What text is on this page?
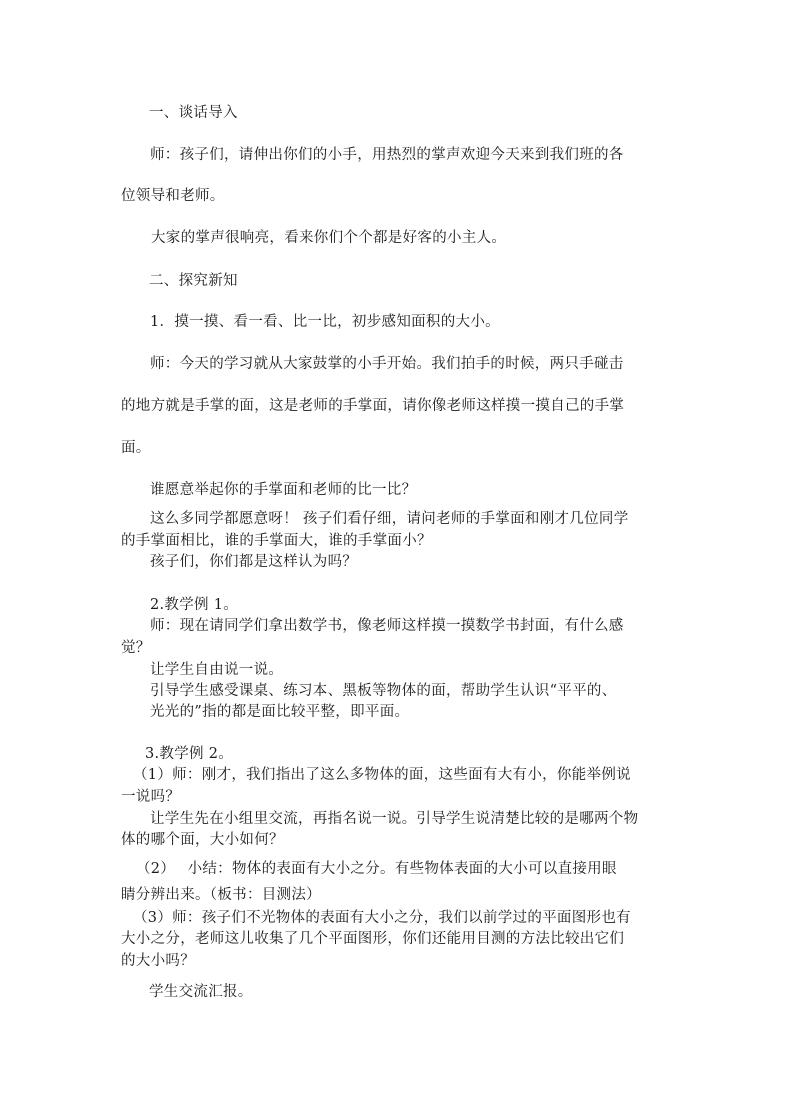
一、谈话导入
师：孩子们，请伸出你们的小手，用热烈的掌声欢迎今天来到我们班的各
位领导和老师。
大家的掌声很响亮，看来你们个个都是好客的小主人。
二、探究新知
1．摸一摸、看一看、比一比，初步感知面积的大小。
师：今天的学习就从大家鼓掌的小手开始。我们拍手的时候，两只手碰击
的地方就是手掌的面，这是老师的手掌面，请你像老师这样摸一摸自己的手掌
面。
谁愿意举起你的手掌面和老师的比一比？
这么多同学都愿意呀！ 孩子们看仔细，请问老师的手掌面和刚才几位同学
的手掌面相比，谁的手掌面大，谁的手掌面小？
孩子们，你们都是这样认为吗？
2.教学例 1。
师：现在请同学们拿出数学书，像老师这样摸一摸数学书封面，有什么感
觉？
让学生自由说一说。
引导学生感受课桌、练习本、黑板等物体的面，帮助学生认识“平平的、
光光的”指的都是面比较平整，即平面。
3.教学例 2。
（1）师：刚才，我们指出了这么多物体的面，这些面有大有小，你能举例说
一说吗？
让学生先在小组里交流，再指名说一说。引导学生说清楚比较的是哪两个物
体的哪个面，大小如何？
（2）　 小结：物体的表面有大小之分。有些物体表面的大小可以直接用眼
睛分辨出来。（板书：目测法）
（3）师：孩子们不光物体的表面有大小之分，我们以前学过的平面图形也有
大小之分，老师这儿收集了几个平面图形，你们还能用目测的方法比较出它们
的大小吗？
学生交流汇报。
